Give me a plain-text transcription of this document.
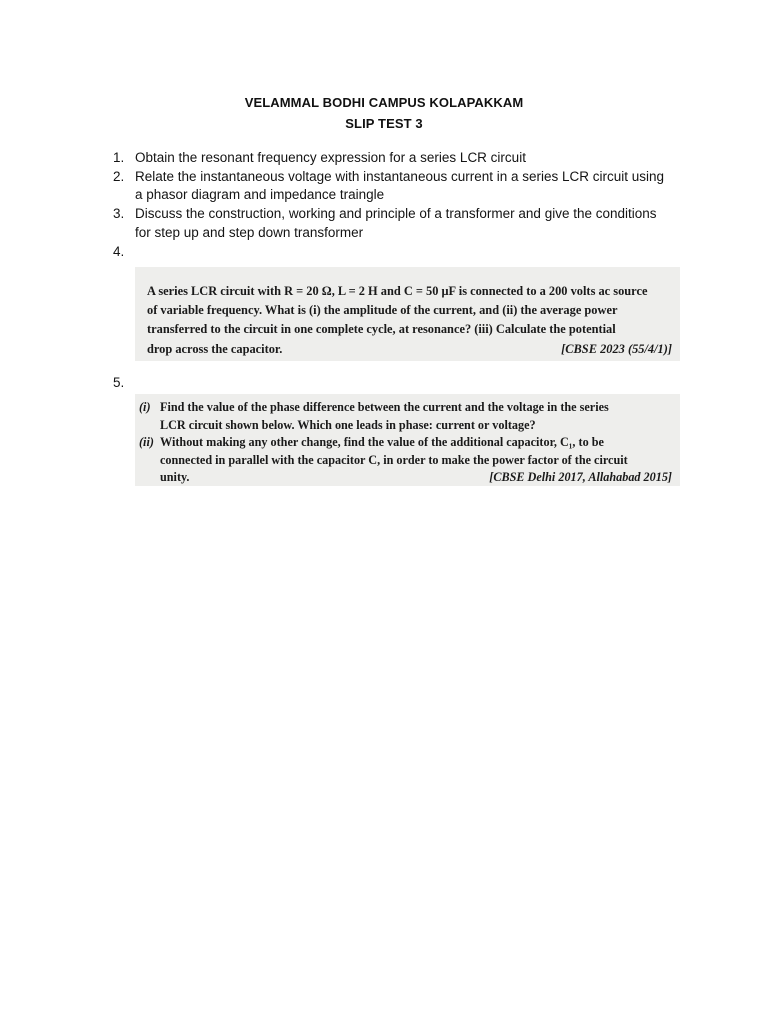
VELAMMAL BODHI CAMPUS KOLAPAKKAM
SLIP TEST 3
1. Obtain the resonant frequency expression for a series LCR circuit
2. Relate the instantaneous voltage with instantaneous current in a series LCR circuit using
a phasor diagram and impedance traingle
3. Discuss the construction, working and principle of a transformer and give the conditions
for step up and step down transformer
4.
A series LCR circuit with R = 20 Ω, L = 2 H and C = 50 μF is connected to a 200 volts ac source
of variable frequency. What is (i) the amplitude of the current, and (ii) the average power
transferred to the circuit in one complete cycle, at resonance? (iii) Calculate the potential
drop across the capacitor.	[CBSE 2023 (55/4/1)]
5.
(i) Find the value of the phase difference between the current and the voltage in the series
LCR circuit shown below. Which one leads in phase: current or voltage?
(ii) Without making any other change, find the value of the additional capacitor, C₁, to be
connected in parallel with the capacitor C, in order to make the power factor of the circuit
unity.	[CBSE Delhi 2017, Allahabad 2015]
